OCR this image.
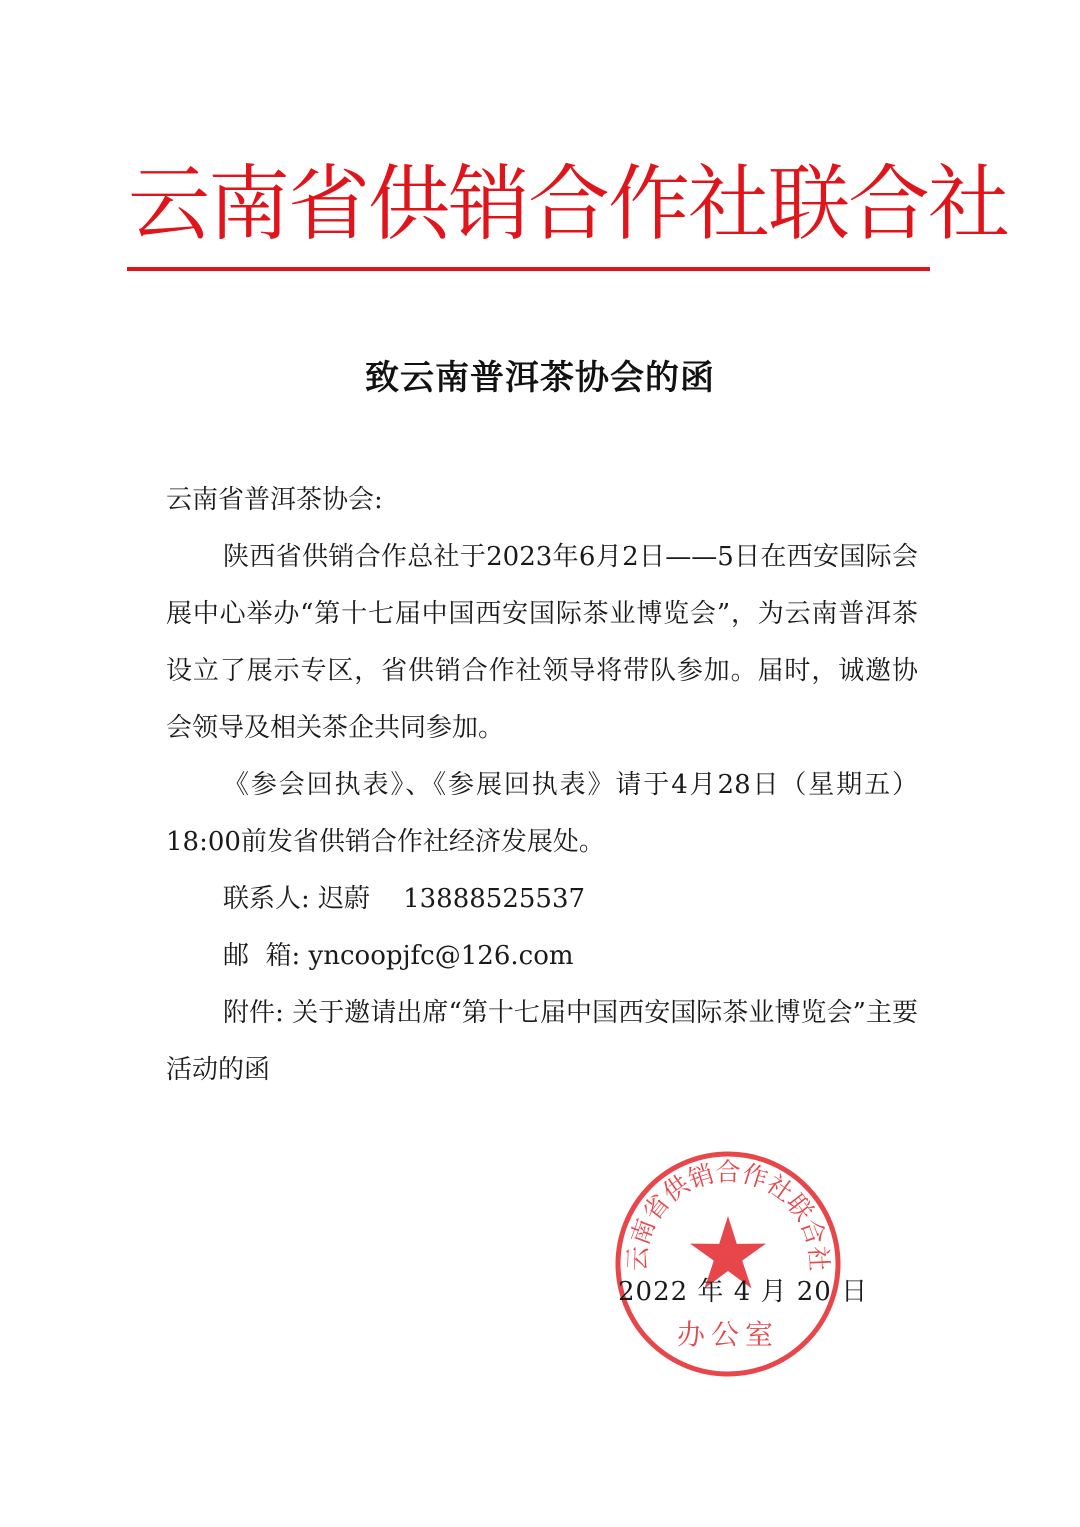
云南省供销合作社联合社
致云南普洱茶协会的函

云南省普洱茶协会:

陕西省供销合作总社于2023年6月2日——5日在西安国际会展中心举办“第十七届中国西安国际茶业博览会”，为云南普洱茶设立了展示专区，省供销合作社领导将带队参加。届时，诚邀协会领导及相关茶企共同参加。

《参会回执表》、《参展回执表》请于4月28日（星期五）18:00前发省供销合作社经济发展处。

联系人: 迟蔚    13888525537

邮  箱: yncoopjfc@126.com

附件: 关于邀请出席“第十七届中国西安国际茶业博览会”主要活动的函

云南省供销合作社联合社
办公室
2022 年 4 月 20 日
